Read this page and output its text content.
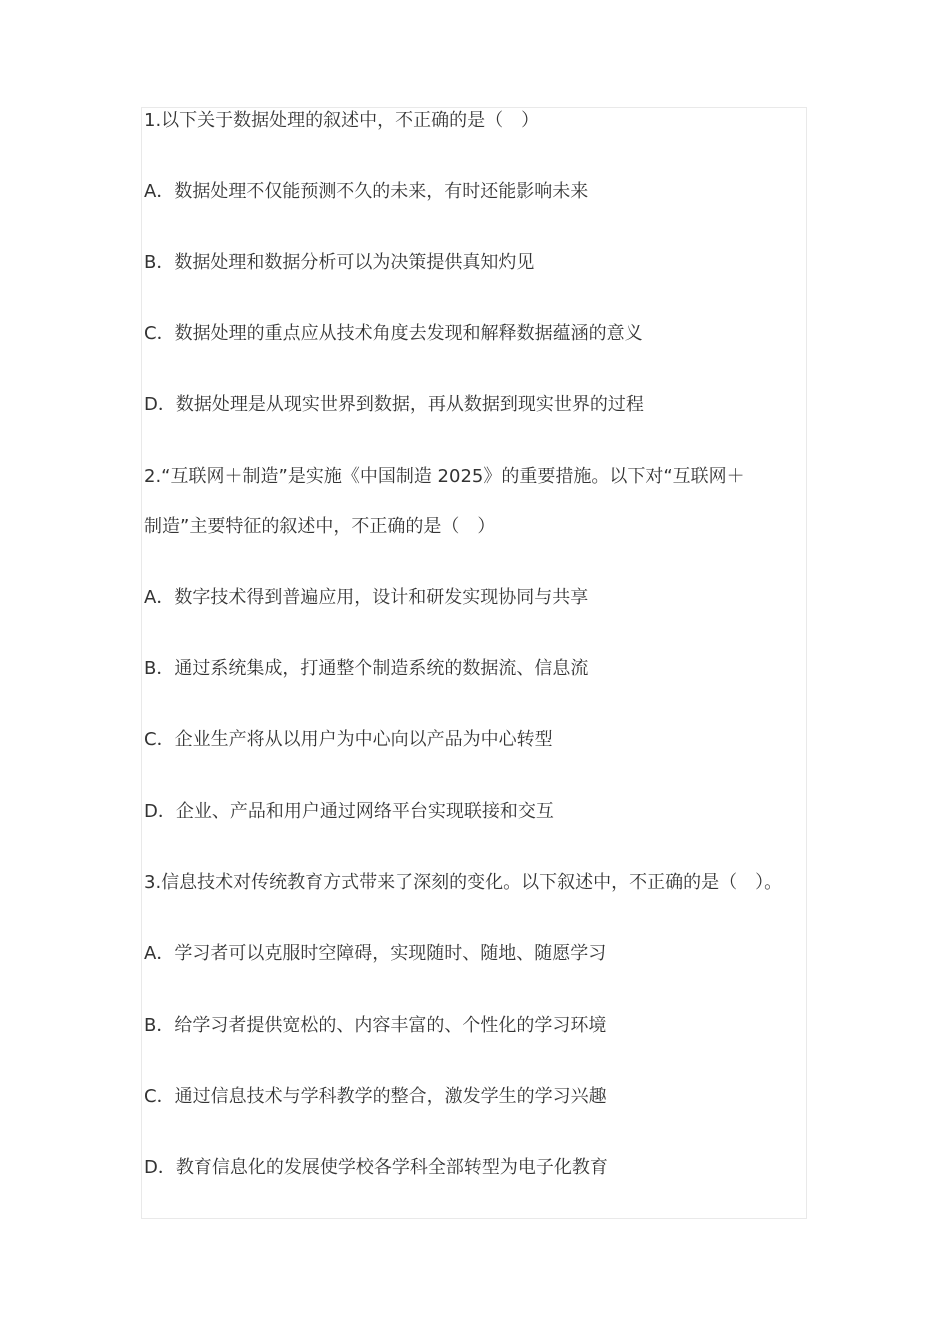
1.以下关于数据处理的叙述中，不正确的是（　）
A．数据处理不仅能预测不久的未来，有时还能影响未来
B．数据处理和数据分析可以为决策提供真知灼见
C．数据处理的重点应从技术角度去发现和解释数据蕴涵的意义
D．数据处理是从现实世界到数据，再从数据到现实世界的过程
2.“互联网＋制造”是实施《中国制造 2025》的重要措施。以下对“互联网＋
制造”主要特征的叙述中，不正确的是（　）
A．数字技术得到普遍应用，设计和研发实现协同与共享
B．通过系统集成，打通整个制造系统的数据流、信息流
C．企业生产将从以用户为中心向以产品为中心转型
D．企业、产品和用户通过网络平台实现联接和交互
3.信息技术对传统教育方式带来了深刻的变化。以下叙述中，不正确的是（　）。
A．学习者可以克服时空障碍，实现随时、随地、随愿学习
B．给学习者提供宽松的、内容丰富的、个性化的学习环境
C．通过信息技术与学科教学的整合，激发学生的学习兴趣
D．教育信息化的发展使学校各学科全部转型为电子化教育
